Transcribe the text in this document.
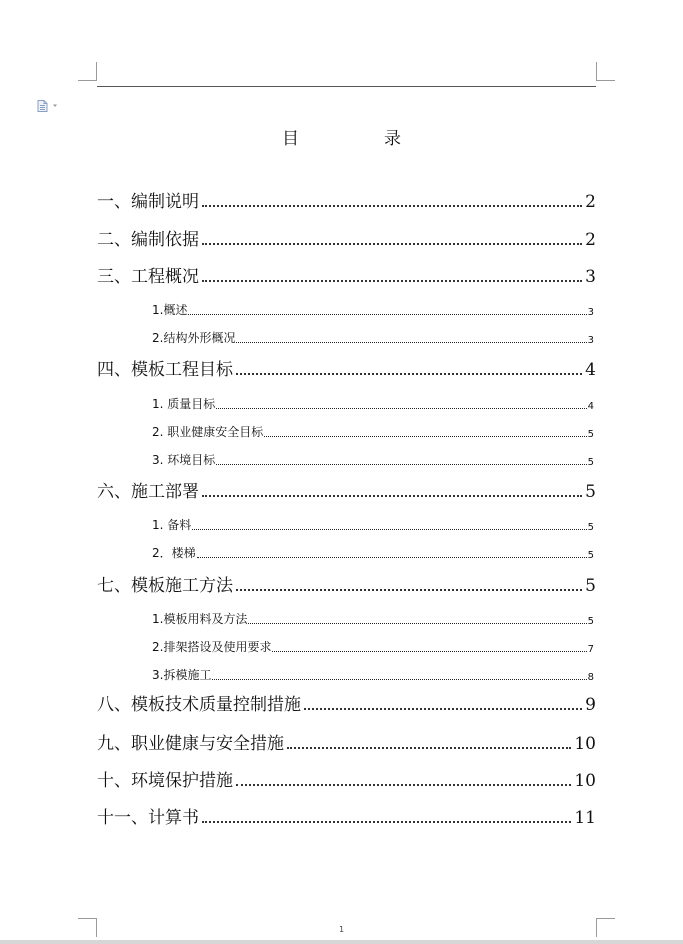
目　录
一、编制说明	2
二、编制依据	2
三、工程概况	3
1.概述	3
2.结构外形概况	3
四、模板工程目标	4
1. 质量目标	4
2. 职业健康安全目标	5
3. 环境目标	5
六、施工部署	5
1. 备料	5
2．楼梯	5
七、模板施工方法	5
1.模板用料及方法	5
2.排架搭设及使用要求	7
3.拆模施工	8
八、模板技术质量控制措施	9
九、职业健康与安全措施	10
十、环境保护措施	10
十一、计算书	11
1
